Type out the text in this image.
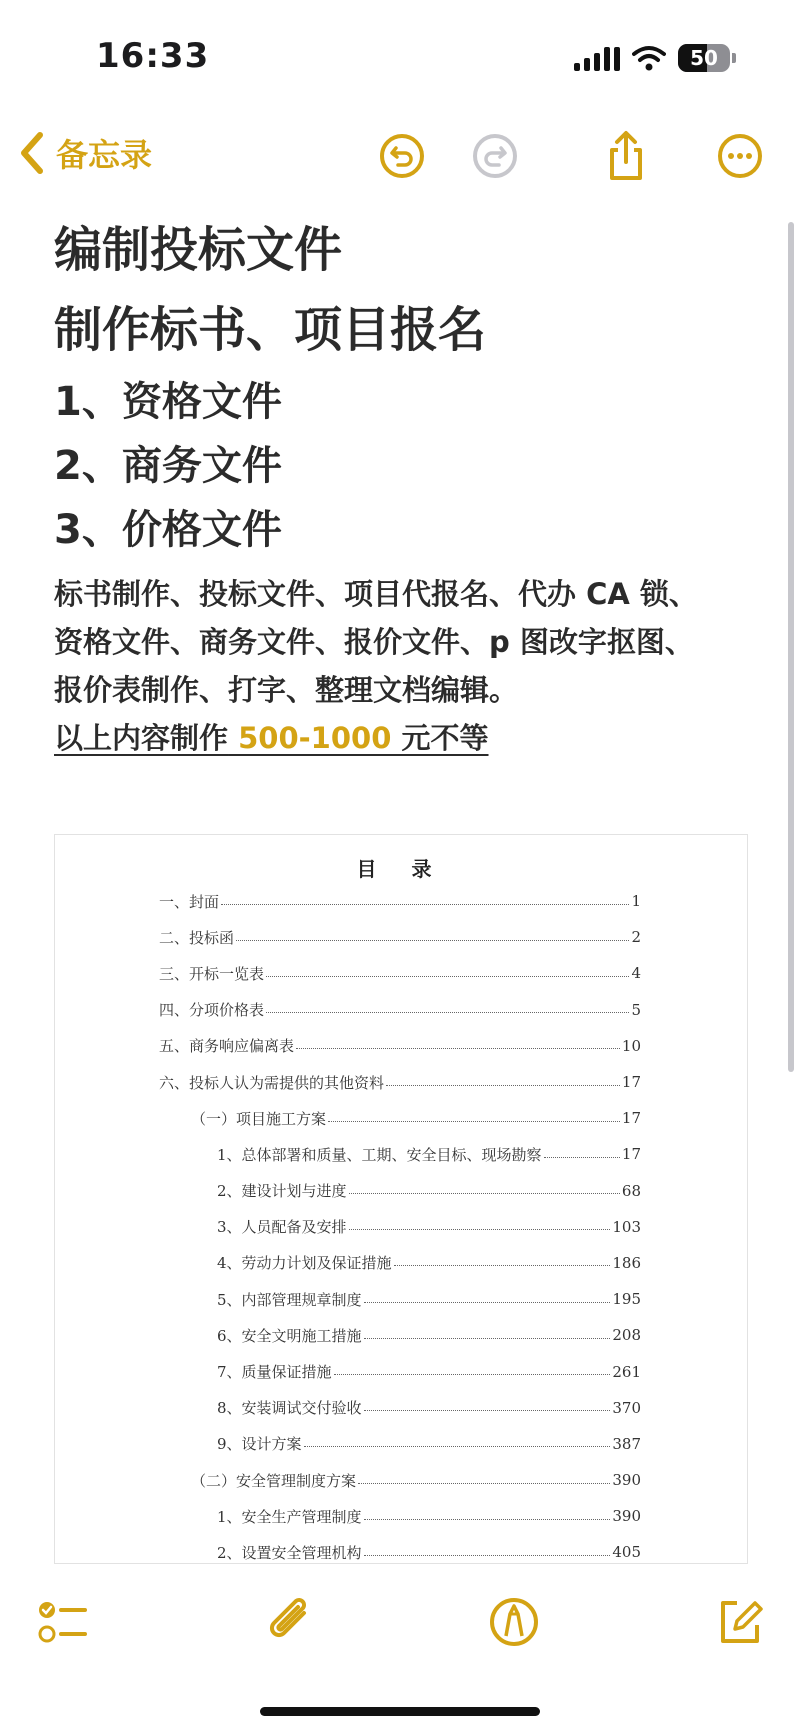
16:33	50
备忘录
编制投标文件
制作标书、项目报名
1、资格文件
2、商务文件
3、价格文件
标书制作、投标文件、项目代报名、代办 CA 锁、
资格文件、商务文件、报价文件、p 图改字抠图、
报价表制作、打字、整理文档编辑。
以上内容制作 500-1000 元不等
目 录
一、封面	1
二、投标函	2
三、开标一览表	4
四、分项价格表	5
五、商务响应偏离表	10
六、投标人认为需提供的其他资料	17
（一）项目施工方案	17
1、总体部署和质量、工期、安全目标、现场勘察	17
2、建设计划与进度	68
3、人员配备及安排	103
4、劳动力计划及保证措施	186
5、内部管理规章制度	195
6、安全文明施工措施	208
7、质量保证措施	261
8、安装调试交付验收	370
9、设计方案	387
（二）安全管理制度方案	390
1、安全生产管理制度	390
2、设置安全管理机构	405
